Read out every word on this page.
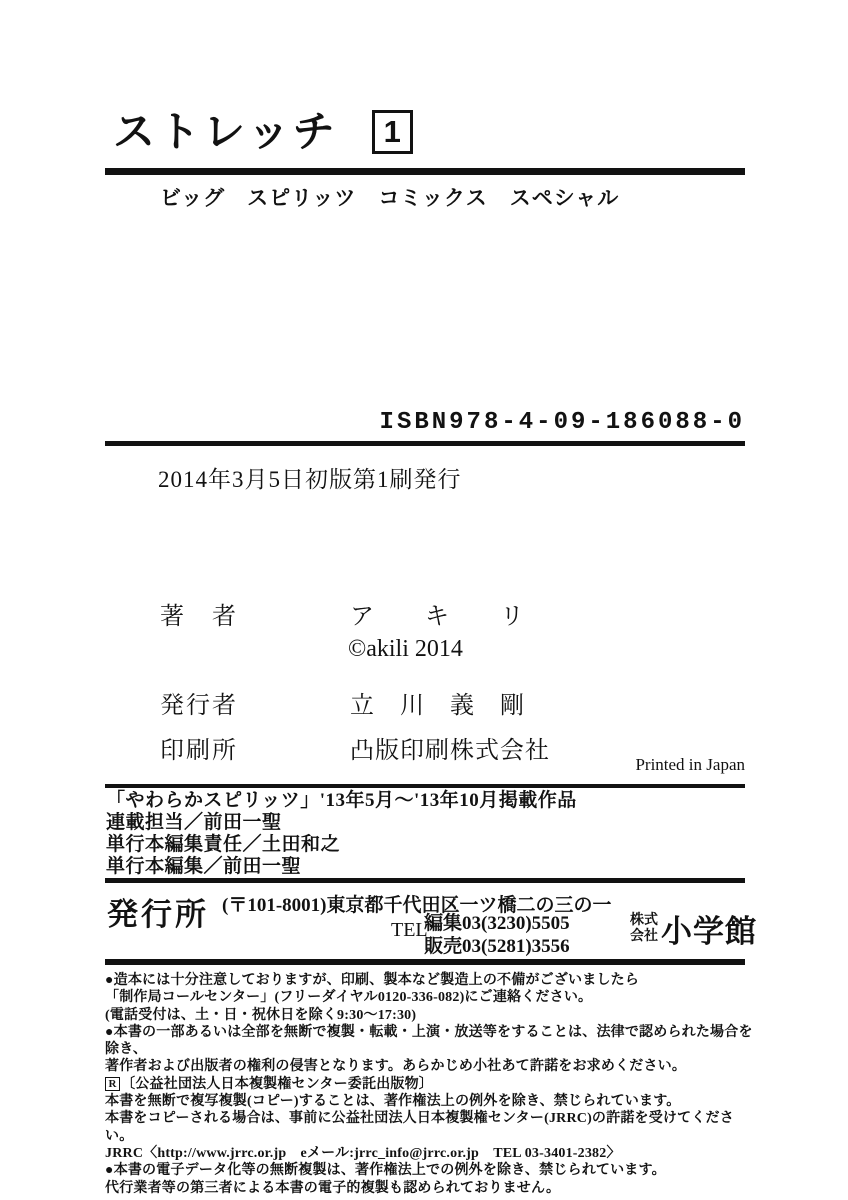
ストレッチ	1
ビッグ　スピリッツ　コミックス　スペシャル
ISBN978-4-09-186088-0
2014年3月5日初版第1刷発行
著　者	ア　　キ　　リ
©akili 2014
発行者	立　川　義　剛
印刷所	凸版印刷株式会社
Printed in Japan
「やわらかスピリッツ」'13年5月～'13年10月掲載作品
連載担当／前田一聖
単行本編集責任／土田和之
単行本編集／前田一聖
発行所 (〒101-8001)東京都千代田区一ツ橋二の三の一
TEL
編集03(3230)5505
販売03(5281)3556
株式
会社 小学館
●造本には十分注意しておりますが、印刷、製本など製造上の不備がございましたら
「制作局コールセンター」(フリーダイヤル0120-336-082)にご連絡ください。
(電話受付は、土・日・祝休日を除く9:30～17:30)
●本書の一部あるいは全部を無断で複製・転載・上演・放送等をすることは、法律で認められた場合を除き、
著作者および出版者の権利の侵害となります。あらかじめ小社あて許諾をお求めください。
R 〔公益社団法人日本複製権センター委託出版物〕
本書を無断で複写複製(コピー)することは、著作権法上の例外を除き、禁じられています。
本書をコピーされる場合は、事前に公益社団法人日本複製権センター(JRRC)の許諾を受けてください。
JRRC〈http://www.jrrc.or.jp　eメール:jrrc_info@jrrc.or.jp　TEL 03-3401-2382〉
●本書の電子データ化等の無断複製は、著作権法上での例外を除き、禁じられています。
代行業者等の第三者による本書の電子的複製も認められておりません。
